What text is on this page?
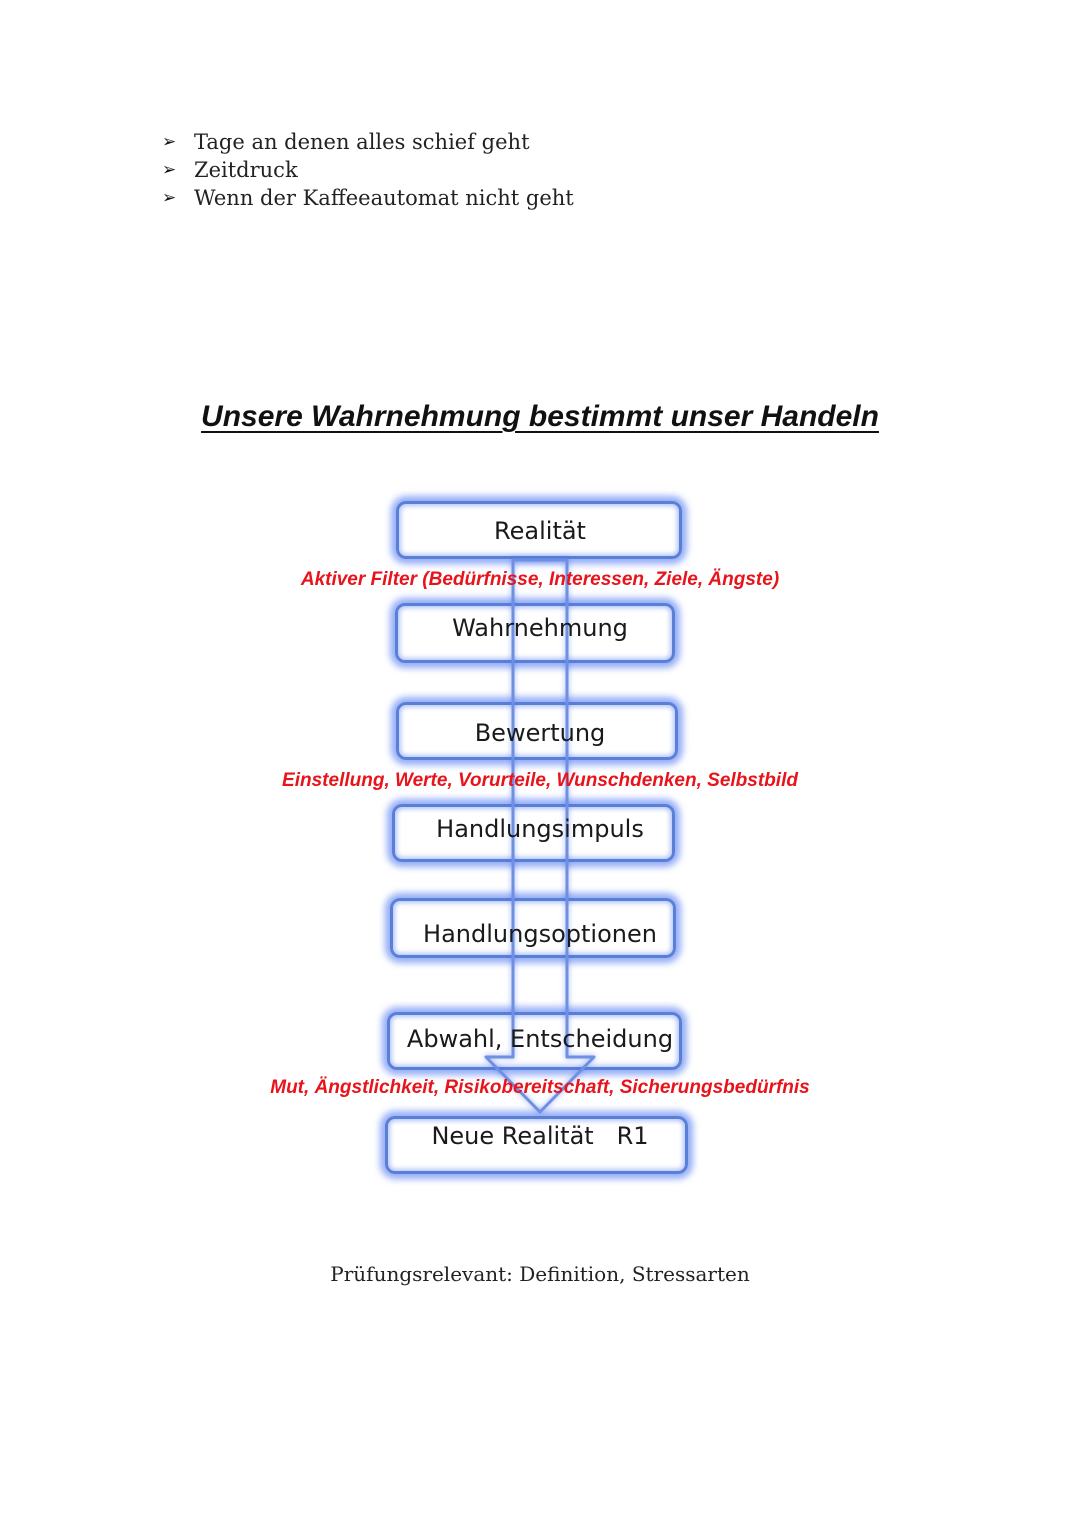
➢ Tage an denen alles schief geht
➢ Zeitdruck
➢ Wenn der Kaffeeautomat nicht geht
Unsere Wahrnehmung bestimmt unser Handeln
Realität
Wahrnehmung
Bewertung
Handlungsimpuls
Handlungsoptionen
Abwahl, Entscheidung
Neue Realität   R1
Aktiver Filter (Bedürfnisse, Interessen, Ziele, Ängste)
Einstellung, Werte, Vorurteile, Wunschdenken, Selbstbild
Mut, Ängstlichkeit, Risikobereitschaft, Sicherungsbedürfnis
Prüfungsrelevant: Definition, Stressarten
